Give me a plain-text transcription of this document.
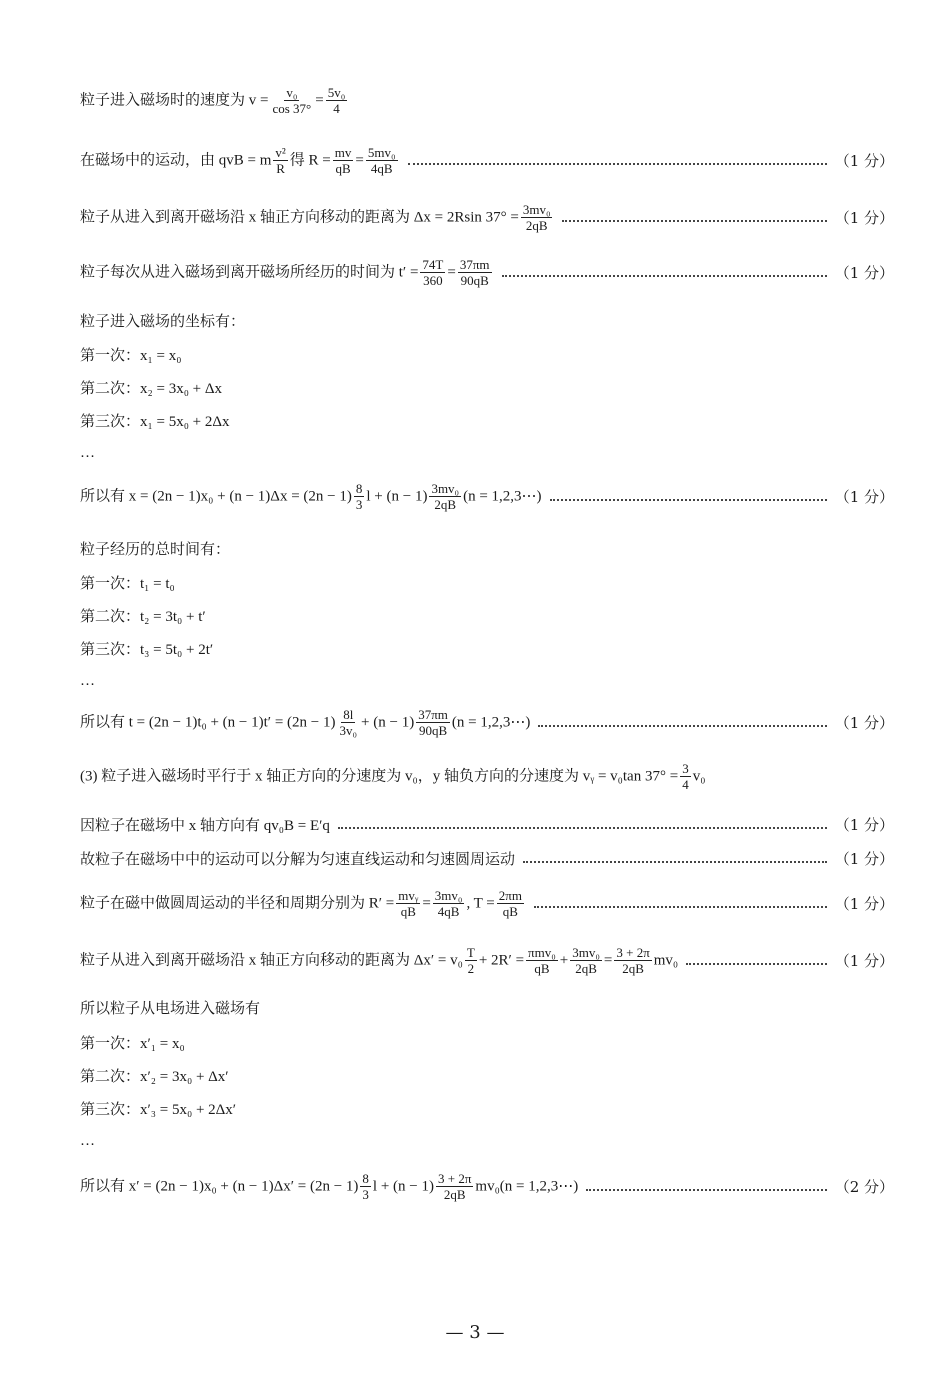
粒子进入磁场时的速度为 $v = \frac{\text{v₀}}{\cos 37^\circ} = \frac{\text{5v₀}}{4}$
在磁场中的运动，由 qvB = m $\frac{\text{v²}}{R}$ 得 $R = \frac{mv}{qB} = \frac{\text{5mv₀}}{4qB}$	（1 分）
粒子从进入到离开磁场沿 x 轴正方向移动的距离为 Δx = 2Rsin $37^\circ = \frac{\text{3mv₀}}{2qB}$	（1 分）
粒子每次从进入磁场到离开磁场所经历的时间为 $t' = \frac{74T}{360} = \frac{37\pi m}{90qB}$	（1 分）
粒子进入磁场的坐标有：
第一次：x₁ = x₀
第二次：x₂ = 3x₀ + Δx
第三次：x₁ = 5x₀ + 2Δx
…
所以有 $x = (2n - 1)x_0 + (n - 1)\Delta x = (2n - 1) \frac{8}{3}$ $l + (n - 1) \frac{\text{3mv₀}}{2qB} (n$ = 1,2,3⋯)	（1 分）
粒子经历的总时间有：
第一次：t₁ = t₀
第二次：t₂ = 3t₀ + t′
第三次：t₃ = 5t₀ + 2t′
…
所以有 $t = (2n - 1)t_0 + (n - 1)t' = (2n - 1) \frac{8l}{\text{3v₀}} + (n - 1) \frac{37\pi m}{90qB} (n$ = 1,2,3⋯)	（1 分）
(3) 粒子进入磁场时平行于 x 轴正方向的分速度为 v₀，y 轴负方向的分速度为 vᵧ = v₀tan $37^\circ = \frac{3}{4} v_0$
因粒子在磁场中 x 轴方向有 qv₀B = E′q	（1 分）
故粒子在磁场中中的运动可以分解为匀速直线运动和匀速圆周运动	（1 分）
粒子在磁中做圆周运动的半径和周期分别为 R′ = mvᵧ
qB = $\frac{\text{3mv₀}}{4qB}$ , $T = \frac{2\pi m}{qB}$	（1 分）
粒子从进入到离开磁场沿 x 轴正方向移动的距离为 $\Delta x' = v_0 \frac{T}{2} + 2R' = \pi mv_0$
qB + $\frac{\text{3mv₀}}{2qB} = \frac{3 + 2\pi}{2qB} mv_0$	（1 分）
所以粒子从电场进入磁场有
第一次：x′₁ = x₀
第二次：x′₂ = 3x₀ + Δx′
第三次：x′₃ = 5x₀ + 2Δx′
…
所以有 $x' = (2n - 1)x_0 + (n - 1)\Delta x' = (2n - 1) \frac{8}{3}$ $l + (n - 1) \frac{3 + 2\pi}{2qB} mv_0(n$ = 1,2,3⋯)	（2 分）
— 3 —
